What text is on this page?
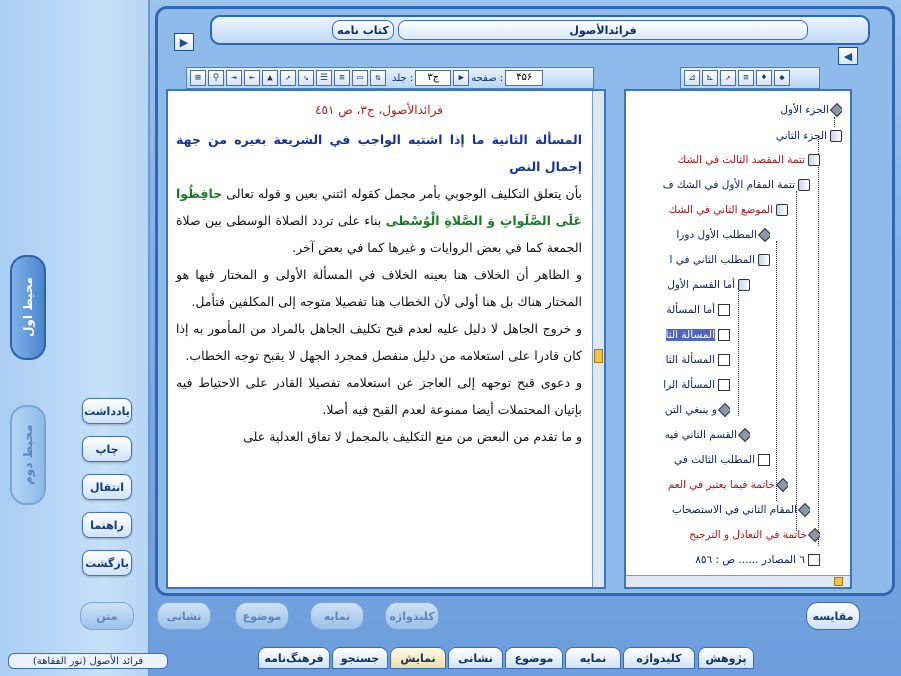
محیط اول
محیط دوم
یادداشت
چاپ
انتقال
راهنما
بازگشت
▶
◀
فرائدالأصول
کتاب نامه
⊞	⚲	⇥	⇤	▲	↗	↘	☰	≡	▭	⇅	جلد :	ج۳	▶ صفحه :	۴۵۶
فرائدالأصول، ج‏٣، ص ٤٥١
المسألة الثانية ما إذا اشتبه الواجب في الشريعة بغيره من جهة إجمال النص
بأن يتعلق التكليف الوجوبي بأمر مجمل كقوله ائتني بعين و قوله تعالى حافِظُوا عَلَى الصَّلَواتِ وَ الصَّلاةِ الْوُسْطى‏ بناء على تردد الصلاة الوسطى بين صلاة الجمعة كما في بعض الروايات و غيرها كما في بعض آخر.
و الظاهر أن الخلاف هنا بعينه الخلاف في المسألة الأولى و المختار فيها هو المختار هناك بل هنا أولى لأن الخطاب هنا تفصيلا متوجه إلى المكلفين فتأمل.
و خروج الجاهل لا دليل عليه لعدم قبح تكليف الجاهل بالمراد من المأمور به إذا كان قادرا على استعلامه من دليل منفصل فمجرد الجهل لا يقبح توجه الخطاب.
و دعوى قبح توجهه إلى العاجز عن استعلامه تفصيلا القادر على الاحتياط فيه بإتيان المحتملات أيضا ممنوعة لعدم القبح فيه أصلا.
و ما تقدم من البعض من منع التكليف بالمجمل لا تفاق العدلية على
⊿	⊾	↗	≡	♦	◆
الجزء الأول
الجزء الثاني
تتمة المقصد الثالث في الشك
تتمة المقام الأول في الشك ف
الموضع الثاني في الشك
المطلب الأول دورا
المطلب الثاني في ا
أما القسم الأول
أما المسألة
المسألة الثا
المسألة الثا
المسألة الرا
و ينبغي التن
القسم الثاني فيه
المطلب الثالث في
خاتمة فيما يعتبر في العم
المقام الثاني في الاستصحاب
خاتمة في التعادل و الترجيح
٦ المصادر ...... ص : ٨٥٦
مقايسه
کلیدواژه
نمایه
موضوع
نشانی
متن
پژوهش
کلیدواژه
نمایه
موضوع
نشانی
نمایش
جستجو
فرهنگ‌نامه
فرائد الأصول (نور الفقاهة)
